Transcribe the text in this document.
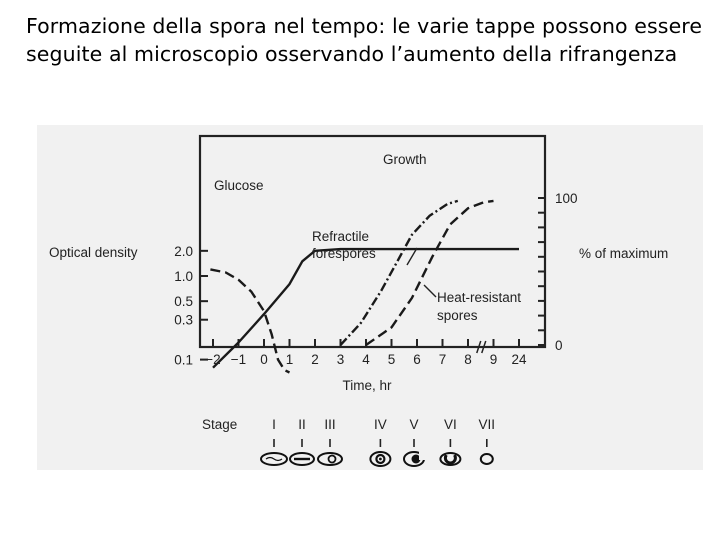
Formazione della spora nel tempo: le varie tappe possono essere seguite al microscopio osservando l’aumento della rifrangenza
2.0
1.0
0.5
0.3
0.1
100
0
−2 −1 0 1 2 3 4 5 6 7 8 9 24
Optical density	% of maximum
Time, hr
Growth
Glucose
Refractile forespores
Heat-resistant spores
Stage	I II III	IV V VI VII
